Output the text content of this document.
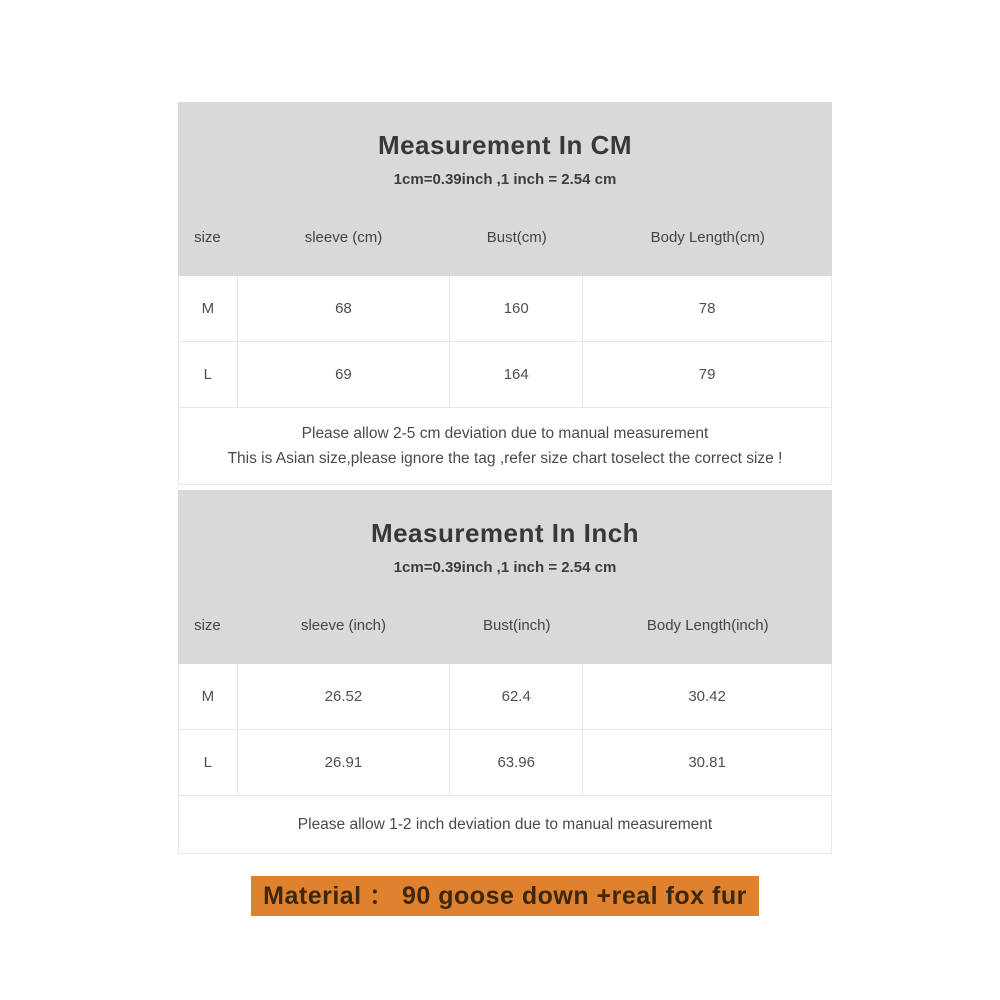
Measurement In CM
1cm=0.39inch ,1 inch = 2.54 cm
size	sleeve (cm)	Bust(cm)	Body Length(cm)
M	68	160	78
L	69	164	79
Please allow 2-5 cm deviation due to manual measurement
This is Asian size,please ignore the tag ,refer size chart toselect the correct size !
Measurement In Inch
1cm=0.39inch ,1 inch = 2.54 cm
size	sleeve (inch)	Bust(inch)	Body Length(inch)
M	26.52	62.4	30.42
L	26.91	63.96	30.81
Please allow 1-2 inch deviation due to manual measurement
Material ： 90 goose down +real fox fur
